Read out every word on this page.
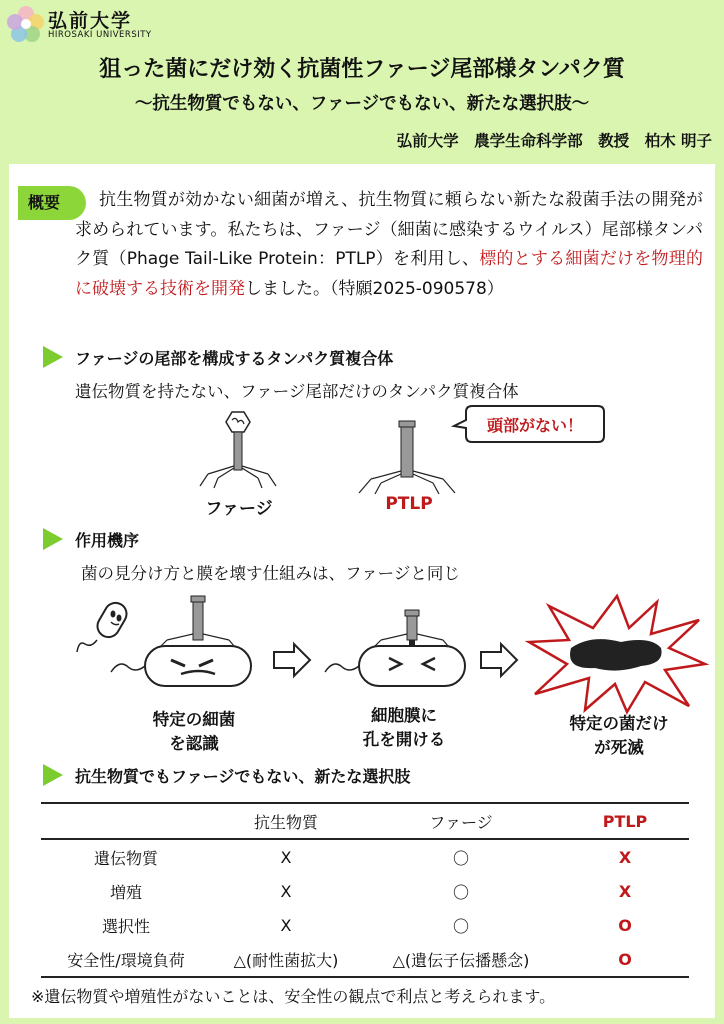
弘前大学
HIROSAKI UNIVERSITY
狙った菌にだけ効く抗菌性ファージ尾部様タンパク質
～抗生物質でもない、ファージでもない、新たな選択肢～
弘前大学　農学生命科学部　教授　柏木 明子
概要	抗生物質が効かない細菌が増え、抗生物質に頼らない新たな殺菌手法の開発が求められています。私たちは、ファージ（細菌に感染するウイルス）尾部様タンパク質（Phage Tail-Like Protein：PTLP）を利用し、標的とする細菌だけを物理的に破壊する技術を開発しました。（特願2025-090578）
ファージの尾部を構成するタンパク質複合体
遺伝物質を持たない、ファージ尾部だけのタンパク質複合体
頭部がない！
ファージ	PTLP
作用機序
菌の見分け方と膜を壊す仕組みは、ファージと同じ
特定の細菌
を認識
細胞膜に
孔を開ける
特定の菌だけ
が死滅
抗生物質でもファージでもない、新たな選択肢
	抗生物質	ファージ	PTLP
遺伝物質	X	〇	X
増殖	X	〇	X
選択性	X	〇	O
安全性/環境負荷	△(耐性菌拡大)	△(遺伝子伝播懸念)	O
※遺伝物質や増殖性がないことは、安全性の観点で利点と考えられます。
